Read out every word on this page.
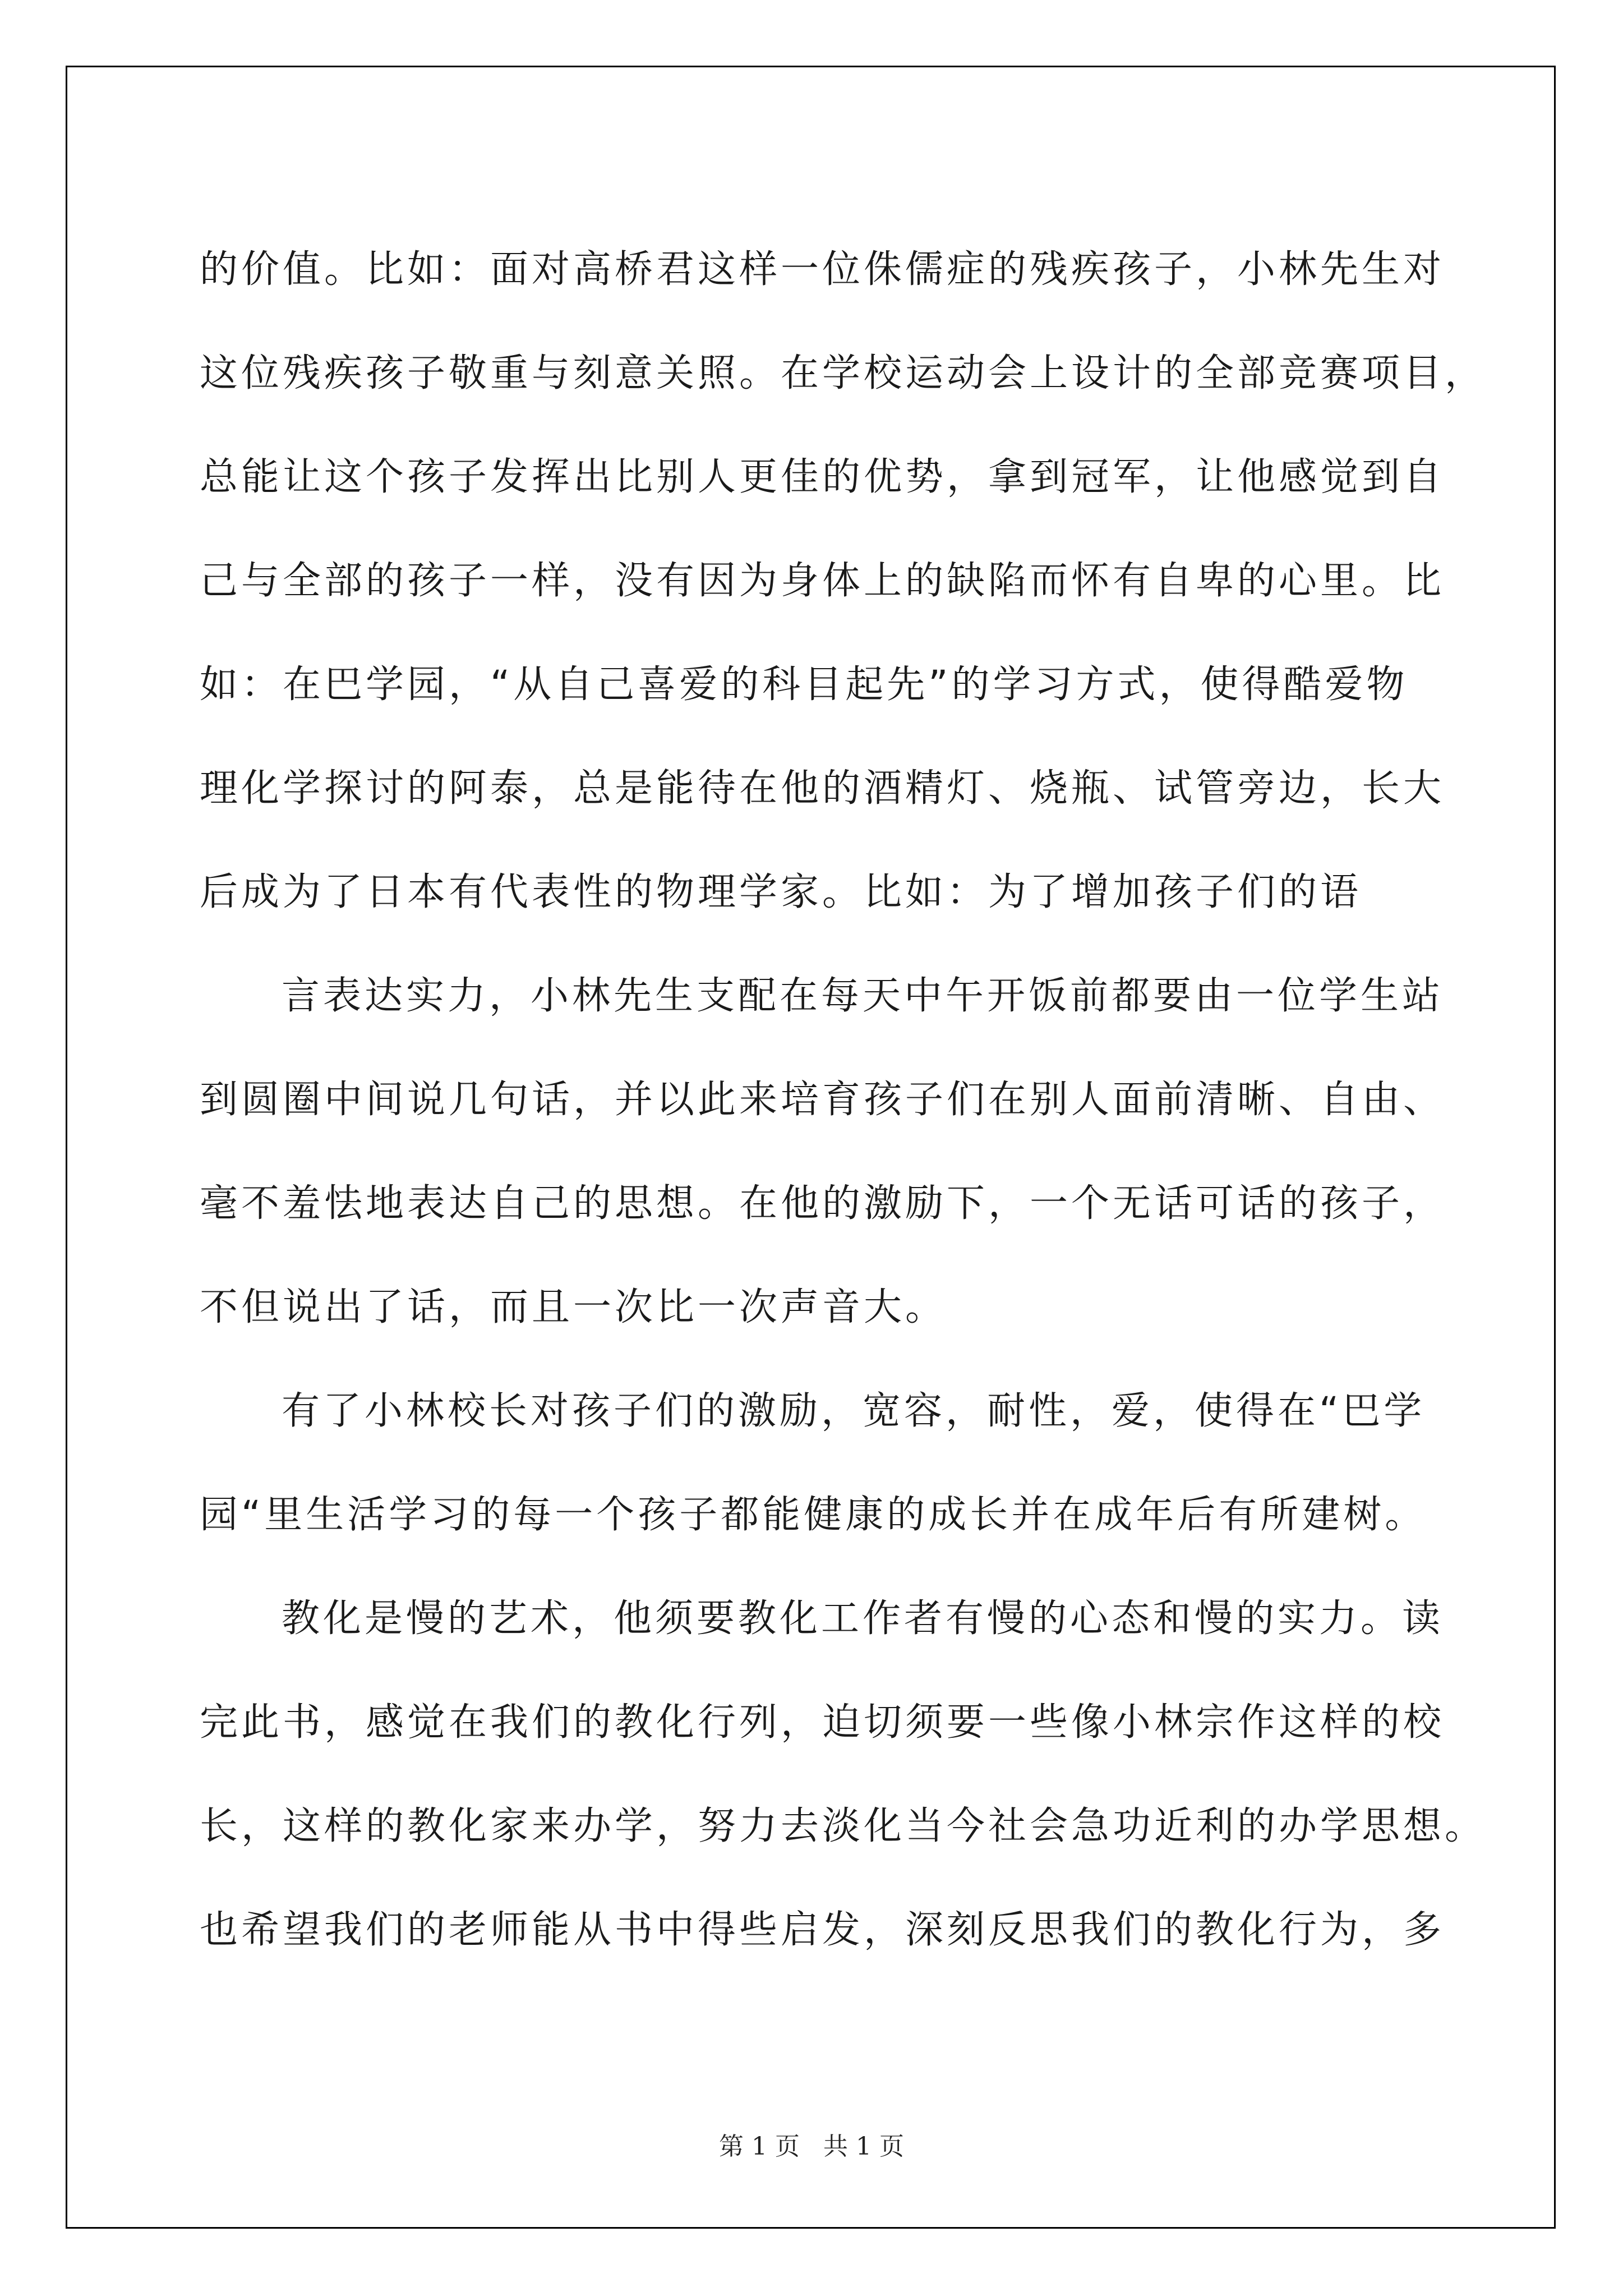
的价值。比如：面对高桥君这样一位侏儒症的残疾孩子，小林先生对
这位残疾孩子敬重与刻意关照。在学校运动会上设计的全部竞赛项目，
总能让这个孩子发挥出比别人更佳的优势，拿到冠军，让他感觉到自
己与全部的孩子一样，没有因为身体上的缺陷而怀有自卑的心里。比
如：在巴学园，“从自己喜爱的科目起先”的学习方式，使得酷爱物
理化学探讨的阿泰，总是能待在他的酒精灯、烧瓶、试管旁边，长大
后成为了日本有代表性的物理学家。比如：为了增加孩子们的语
言表达实力，小林先生支配在每天中午开饭前都要由一位学生站
到圆圈中间说几句话，并以此来培育孩子们在别人面前清晰、自由、
毫不羞怯地表达自己的思想。在他的激励下，一个无话可话的孩子，
不但说出了话，而且一次比一次声音大。
有了小林校长对孩子们的激励，宽容，耐性，爱，使得在“巴学
园“里生活学习的每一个孩子都能健康的成长并在成年后有所建树。
教化是慢的艺术，他须要教化工作者有慢的心态和慢的实力。读
完此书，感觉在我们的教化行列，迫切须要一些像小林宗作这样的校
长，这样的教化家来办学，努力去淡化当今社会急功近利的办学思想。
也希望我们的老师能从书中得些启发，深刻反思我们的教化行为，多
第 1 页   共 1 页
